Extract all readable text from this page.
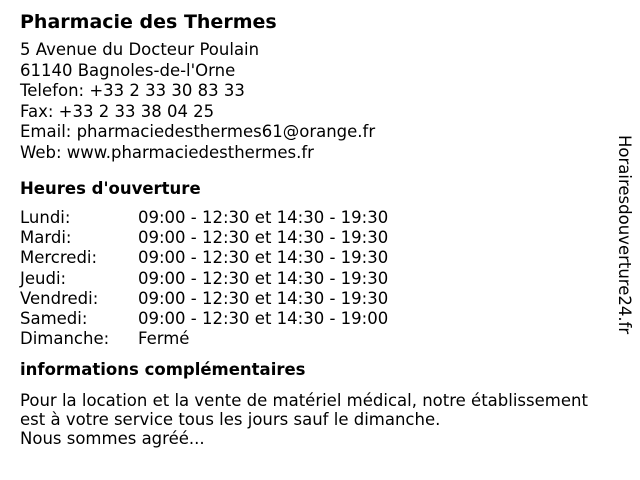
Pharmacie des Thermes
5 Avenue du Docteur Poulain
61140 Bagnoles-de-l'Orne
Telefon: +33 2 33 30 83 33
Fax: +33 2 33 38 04 25
Email: pharmaciedesthermes61@orange.fr
Web: www.pharmaciedesthermes.fr
Heures d'ouverture
Lundi:	09:00 - 12:30 et 14:30 - 19:30
Mardi:	09:00 - 12:30 et 14:30 - 19:30
Mercredi: 09:00 - 12:30 et 14:30 - 19:30
Jeudi:	09:00 - 12:30 et 14:30 - 19:30
Vendredi: 09:00 - 12:30 et 14:30 - 19:30
Samedi:	09:00 - 12:30 et 14:30 - 19:00
Dimanche: Fermé
informations complémentaires
Pour la location et la vente de matériel médical, notre établissement
est à votre service tous les jours sauf le dimanche.
Nous sommes agréé...
Horairesdouverture24.fr
